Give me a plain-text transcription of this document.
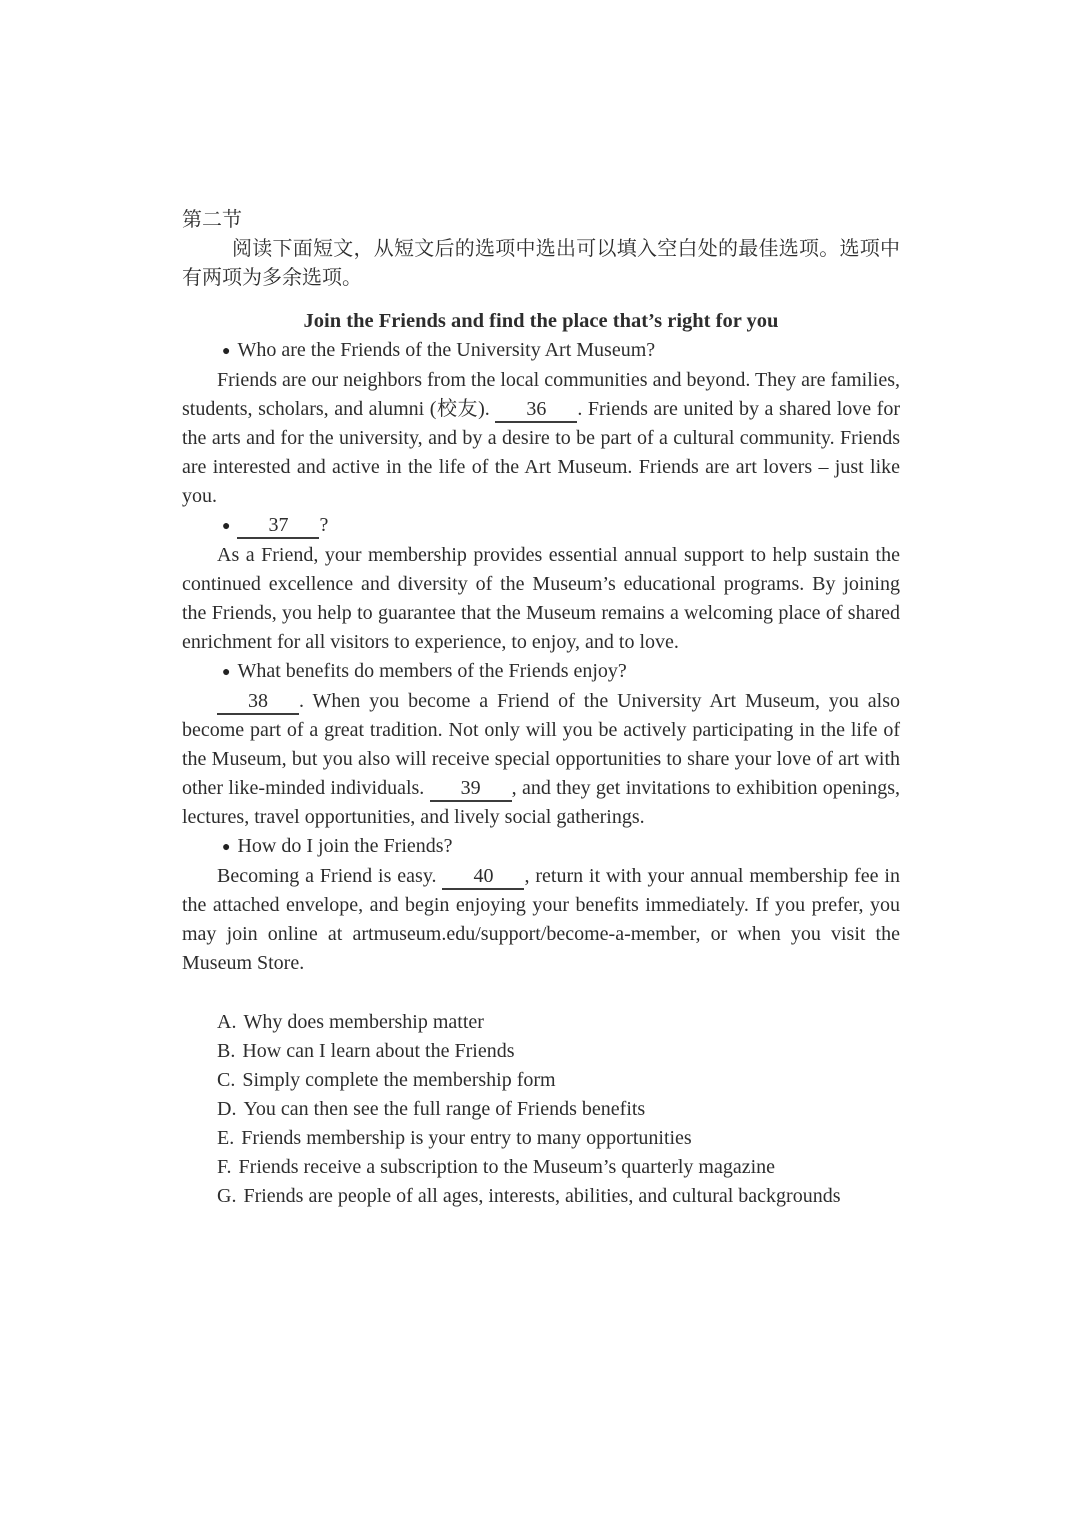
第二节

阅读下面短文，从短文后的选项中选出可以填入空白处的最佳选项。选项中有两项为多余选项。

Join the Friends and find the place that’s right for you

● Who are the Friends of the University Art Museum?

Friends are our neighbors from the local communities and beyond. They are families, students, scholars, and alumni (校友). 36 . Friends are united by a shared love for the arts and for the university, and by a desire to be part of a cultural community. Friends are interested and active in the life of the Art Museum. Friends are art lovers – just like you.

● 37 ?

As a Friend, your membership provides essential annual support to help sustain the continued excellence and diversity of the Museum’s educational programs. By joining the Friends, you help to guarantee that the Museum remains a welcoming place of shared enrichment for all visitors to experience, to enjoy, and to love.

● What benefits do members of the Friends enjoy?

38 . When you become a Friend of the University Art Museum, you also become part of a great tradition. Not only will you be actively participating in the life of the Museum, but you also will receive special opportunities to share your love of art with other like-minded individuals. 39 , and they get invitations to exhibition openings, lectures, travel opportunities, and lively social gatherings.

● How do I join the Friends?

Becoming a Friend is easy. 40 , return it with your annual membership fee in the attached envelope, and begin enjoying your benefits immediately. If you prefer, you may join online at artmuseum.edu/support/become-a-member, or when you visit the Museum Store.

A. Why does membership matter

B. How can I learn about the Friends

C. Simply complete the membership form

D. You can then see the full range of Friends benefits

E. Friends membership is your entry to many opportunities

F. Friends receive a subscription to the Museum’s quarterly magazine

G. Friends are people of all ages, interests, abilities, and cultural backgrounds
